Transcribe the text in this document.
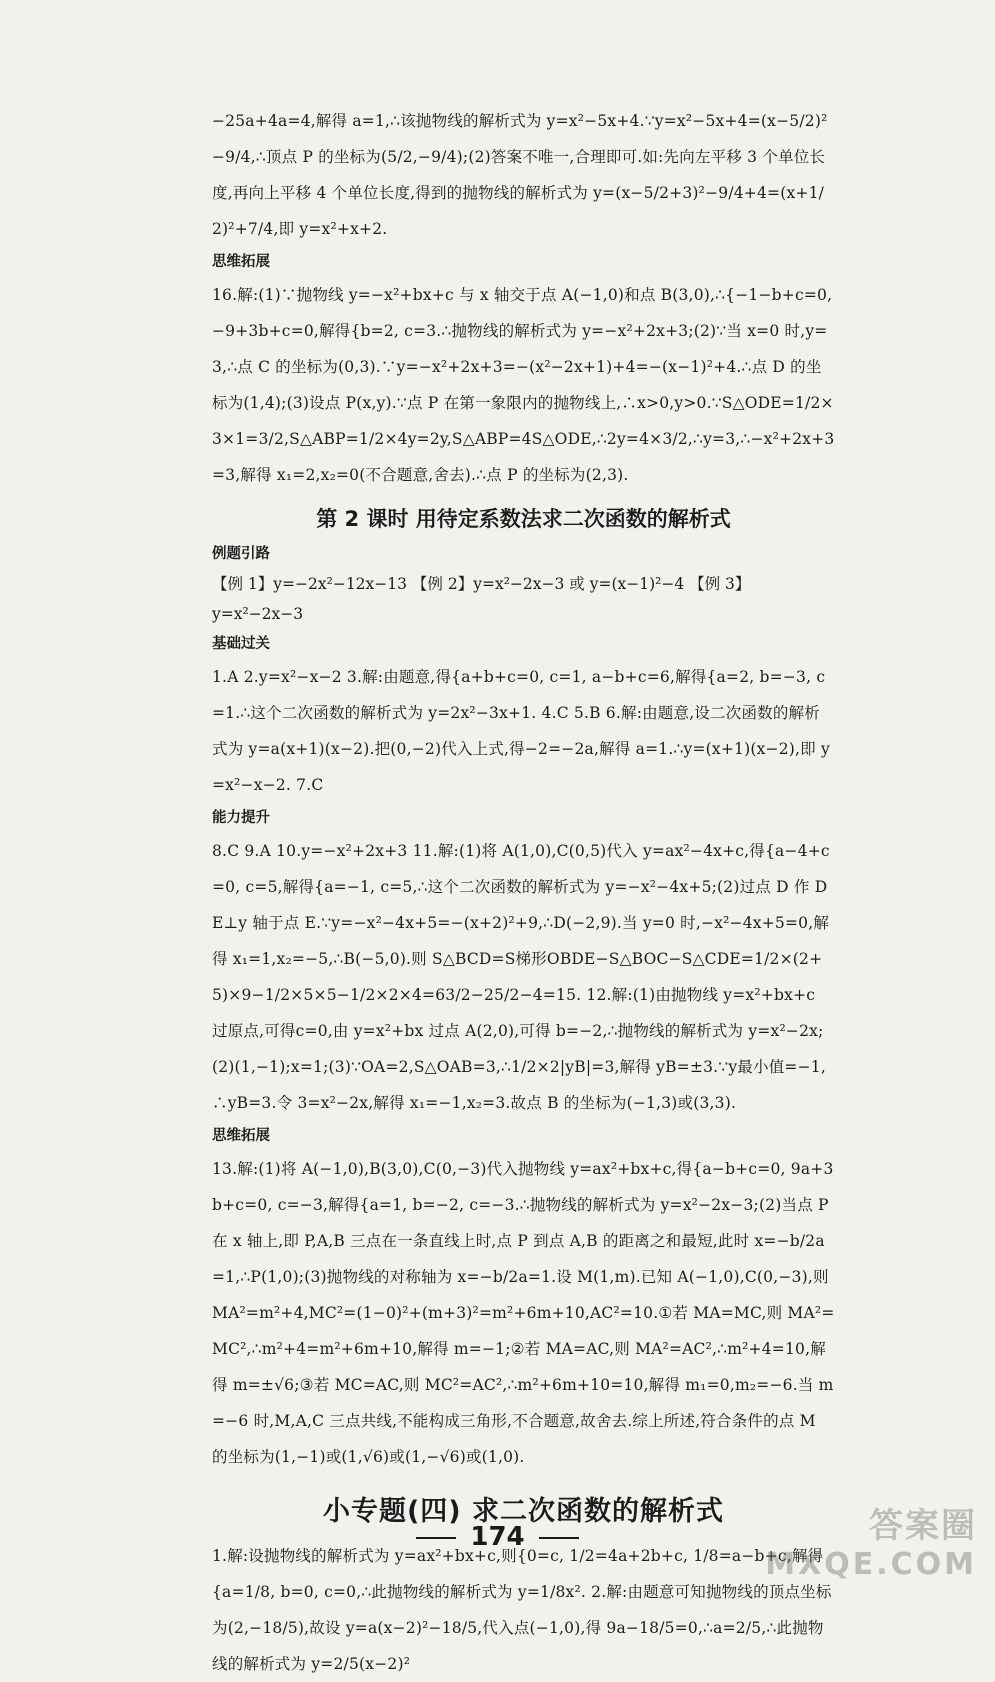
−25a+4a=4,解得 a=1,∴该抛物线的解析式为 y=x²−5x+4.∵y=x²−5x+4=(x−5/2)²−9/4,∴顶点 P 的坐标为(5/2,−9/4);(2)答案不唯一,合理即可.如:先向左平移 3 个单位长度,再向上平移 4 个单位长度,得到的抛物线的解析式为 y=(x−5/2+3)²−9/4+4=(x+1/2)²+7/4,即 y=x²+x+2.

思维拓展

16.解:(1)∵抛物线 y=−x²+bx+c 与 x 轴交于点 A(−1,0)和点 B(3,0),∴{−1−b+c=0, −9+3b+c=0,解得{b=2, c=3.∴抛物线的解析式为 y=−x²+2x+3;(2)∵当 x=0 时,y=3,∴点 C 的坐标为(0,3).∵y=−x²+2x+3=−(x²−2x+1)+4=−(x−1)²+4.∴点 D 的坐标为(1,4);(3)设点 P(x,y).∵点 P 在第一象限内的抛物线上,∴x>0,y>0.∵S△ODE=1/2×3×1=3/2,S△ABP=1/2×4y=2y,S△ABP=4S△ODE,∴2y=4×3/2,∴y=3,∴−x²+2x+3=3,解得 x₁=2,x₂=0(不合题意,舍去).∴点 P 的坐标为(2,3).

第 2 课时 用待定系数法求二次函数的解析式
例题引路

【例 1】y=−2x²−12x−13 【例 2】y=x²−2x−3 或 y=(x−1)²−4 【例 3】y=x²−2x−3

基础过关

1.A 2.y=x²−x−2 3.解:由题意,得{a+b+c=0, c=1, a−b+c=6,解得{a=2, b=−3, c=1.∴这个二次函数的解析式为 y=2x²−3x+1. 4.C 5.B 6.解:由题意,设二次函数的解析式为 y=a(x+1)(x−2).把(0,−2)代入上式,得−2=−2a,解得 a=1.∴y=(x+1)(x−2),即 y=x²−x−2. 7.C

能力提升

8.C 9.A 10.y=−x²+2x+3 11.解:(1)将 A(1,0),C(0,5)代入 y=ax²−4x+c,得{a−4+c=0, c=5,解得{a=−1, c=5,∴这个二次函数的解析式为 y=−x²−4x+5;(2)过点 D 作 DE⊥y 轴于点 E.∵y=−x²−4x+5=−(x+2)²+9,∴D(−2,9).当 y=0 时,−x²−4x+5=0,解得 x₁=1,x₂=−5,∴B(−5,0).则 S△BCD=S梯形OBDE−S△BOC−S△CDE=1/2×(2+5)×9−1/2×5×5−1/2×2×4=63/2−25/2−4=15. 12.解:(1)由抛物线 y=x²+bx+c 过原点,可得c=0,由 y=x²+bx 过点 A(2,0),可得 b=−2,∴抛物线的解析式为 y=x²−2x;(2)(1,−1);x=1;(3)∵OA=2,S△OAB=3,∴1/2×2|yB|=3,解得 yB=±3.∵y最小值=−1,∴yB=3.令 3=x²−2x,解得 x₁=−1,x₂=3.故点 B 的坐标为(−1,3)或(3,3).

思维拓展

13.解:(1)将 A(−1,0),B(3,0),C(0,−3)代入抛物线 y=ax²+bx+c,得{a−b+c=0, 9a+3b+c=0, c=−3,解得{a=1, b=−2, c=−3.∴抛物线的解析式为 y=x²−2x−3;(2)当点 P 在 x 轴上,即 P,A,B 三点在一条直线上时,点 P 到点 A,B 的距离之和最短,此时 x=−b/2a=1,∴P(1,0);(3)抛物线的对称轴为 x=−b/2a=1.设 M(1,m).已知 A(−1,0),C(0,−3),则 MA²=m²+4,MC²=(1−0)²+(m+3)²=m²+6m+10,AC²=10.①若 MA=MC,则 MA²=MC²,∴m²+4=m²+6m+10,解得 m=−1;②若 MA=AC,则 MA²=AC²,∴m²+4=10,解得 m=±√6;③若 MC=AC,则 MC²=AC²,∴m²+6m+10=10,解得 m₁=0,m₂=−6.当 m=−6 时,M,A,C 三点共线,不能构成三角形,不合题意,故舍去.综上所述,符合条件的点 M 的坐标为(1,−1)或(1,√6)或(1,−√6)或(1,0).

小专题(四) 求二次函数的解析式

1.解:设抛物线的解析式为 y=ax²+bx+c,则{0=c, 1/2=4a+2b+c, 1/8=a−b+c,解得{a=1/8, b=0, c=0,∴此抛物线的解析式为 y=1/8x². 2.解:由题意可知抛物线的顶点坐标为(2,−18/5),故设 y=a(x−2)²−18/5,代入点(−1,0),得 9a−18/5=0,∴a=2/5,∴此抛物线的解析式为 y=2/5(x−2)²

174	答案圈
MXQE.COM
